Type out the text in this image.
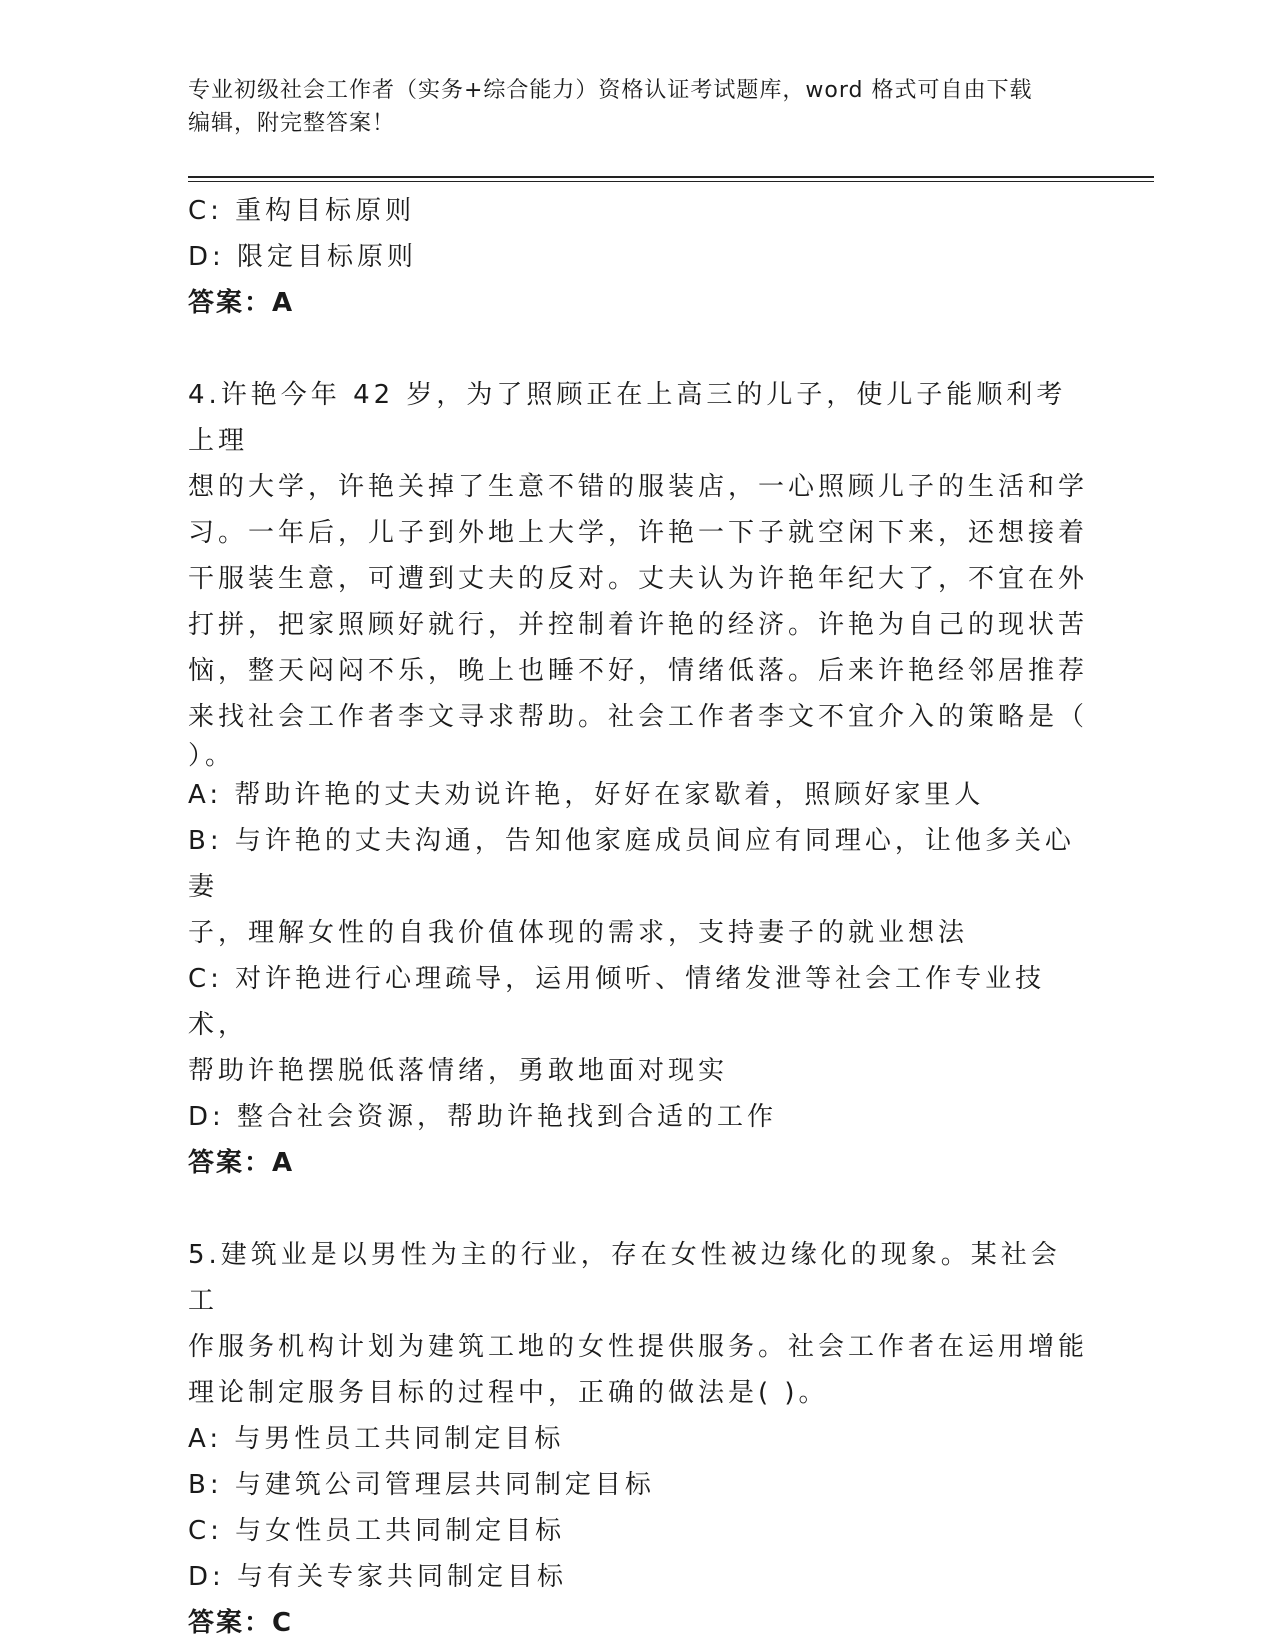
专业初级社会工作者（实务+综合能力）资格认证考试题库，word 格式可自由下载
编辑，附完整答案！
C: 重构目标原则
D: 限定目标原则
答案：A
4.许艳今年 42 岁，为了照顾正在上高三的儿子，使儿子能顺利考上理
想的大学，许艳关掉了生意不错的服装店，一心照顾儿子的生活和学
习。一年后，儿子到外地上大学，许艳一下子就空闲下来，还想接着
干服装生意，可遭到丈夫的反对。丈夫认为许艳年纪大了，不宜在外
打拼，把家照顾好就行，并控制着许艳的经济。许艳为自己的现状苦
恼，整天闷闷不乐，晚上也睡不好，情绪低落。后来许艳经邻居推荐
来找社会工作者李文寻求帮助。社会工作者李文不宜介入的策略是（
）。
A: 帮助许艳的丈夫劝说许艳，好好在家歇着，照顾好家里人
B: 与许艳的丈夫沟通，告知他家庭成员间应有同理心，让他多关心妻
子，理解女性的自我价值体现的需求，支持妻子的就业想法
C: 对许艳进行心理疏导，运用倾听、情绪发泄等社会工作专业技术，
帮助许艳摆脱低落情绪，勇敢地面对现实
D: 整合社会资源，帮助许艳找到合适的工作
答案：A
5.建筑业是以男性为主的行业，存在女性被边缘化的现象。某社会工
作服务机构计划为建筑工地的女性提供服务。社会工作者在运用增能
理论制定服务目标的过程中，正确的做法是( )。
A: 与男性员工共同制定目标
B: 与建筑公司管理层共同制定目标
C: 与女性员工共同制定目标
D: 与有关专家共同制定目标
答案：C
